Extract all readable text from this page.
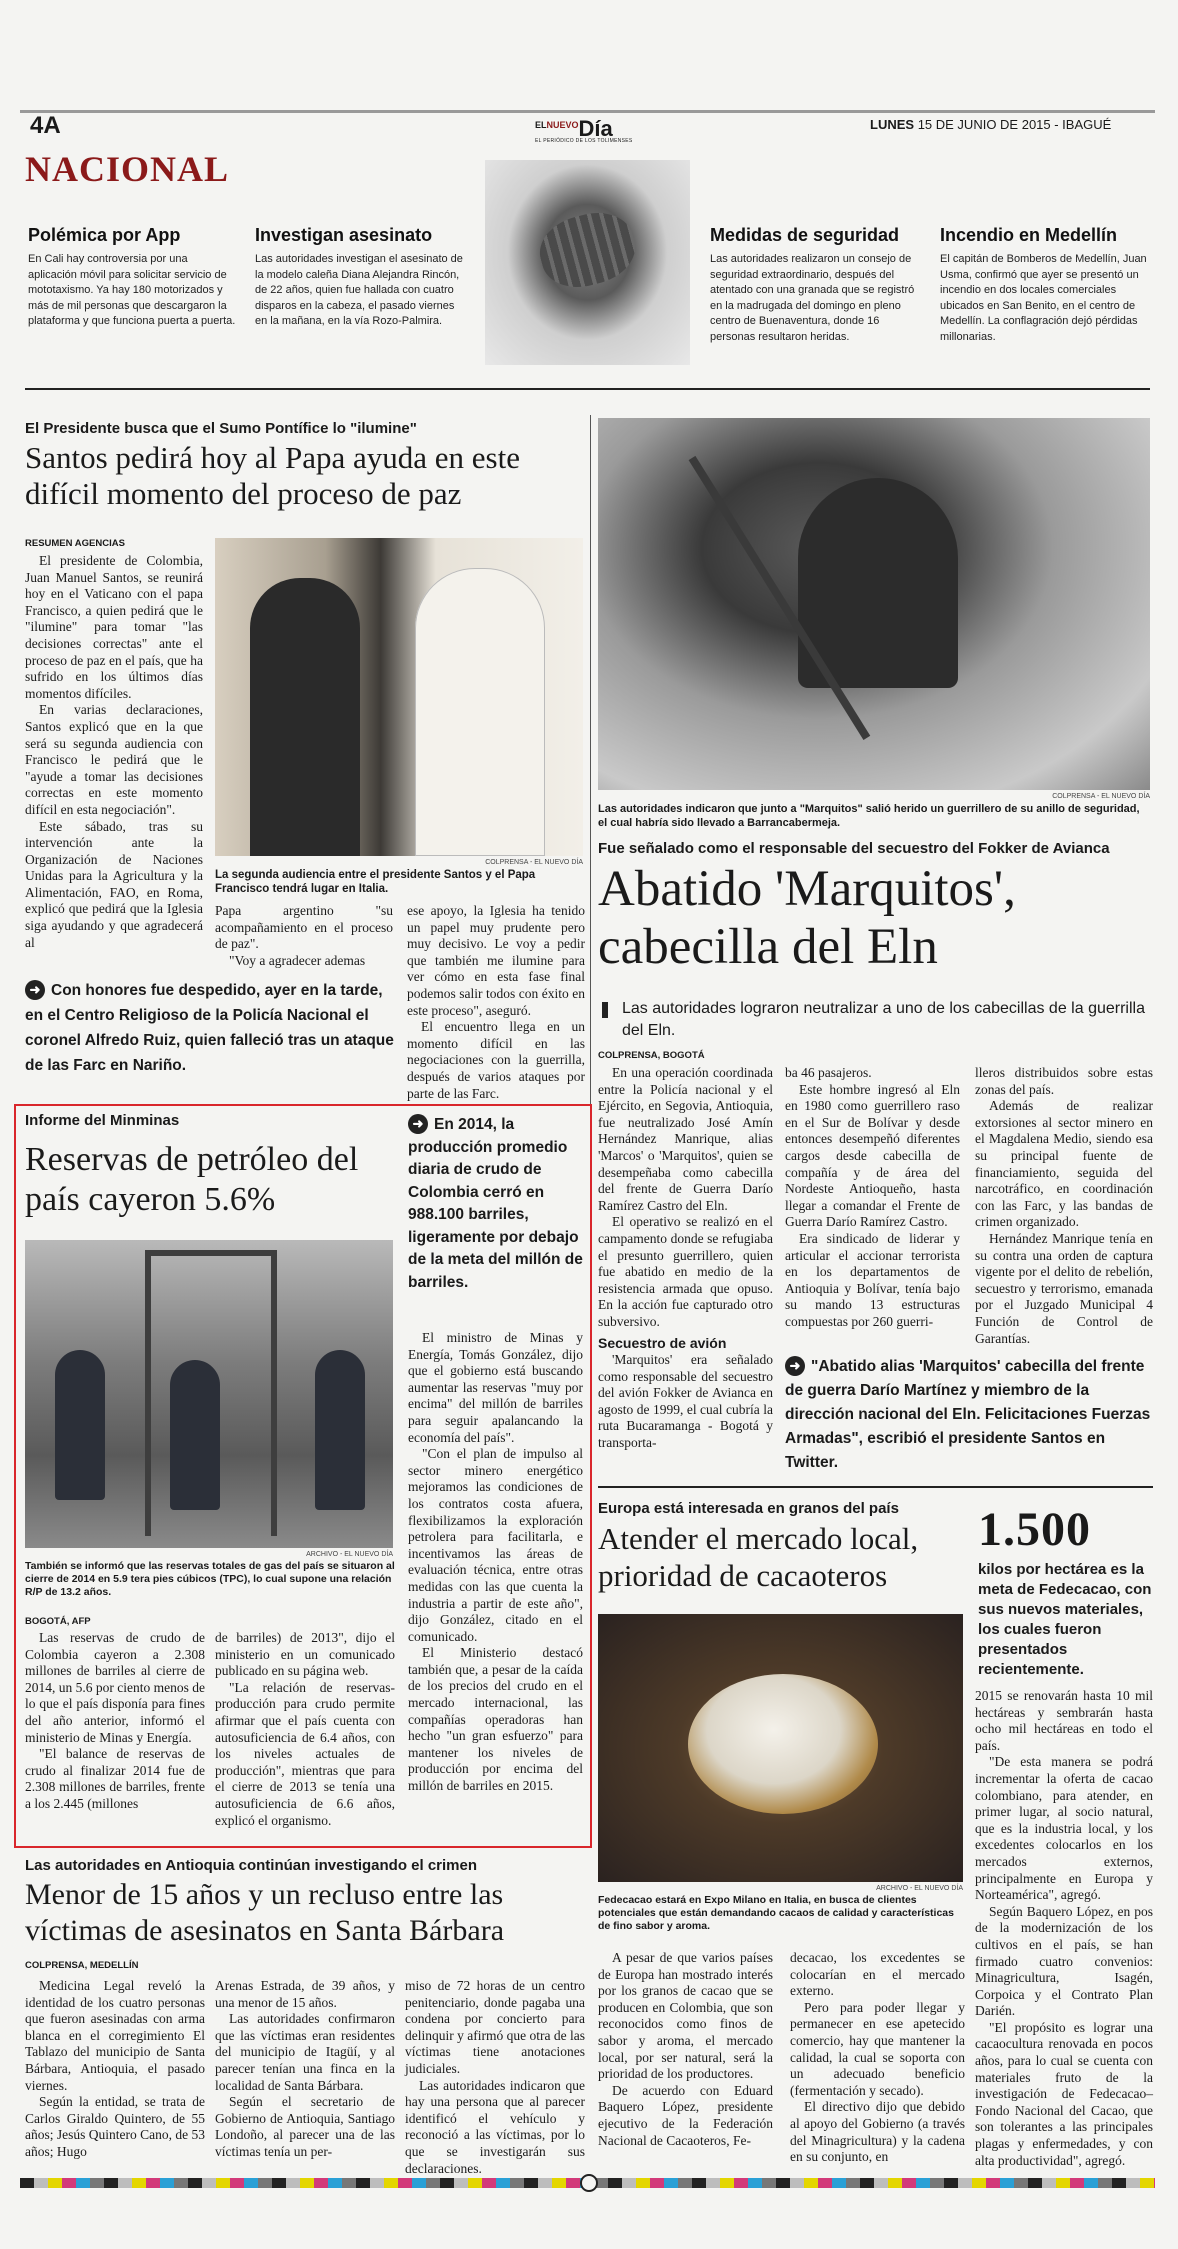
4A	$^{ELNUEVO}$Día
EL PERIÓDICO DE LOS TOLIMENSES
LUNES 15 DE JUNIO DE 2015 - IBAGUÉ
NACIONAL
Polémica por App
En Cali hay controversia por una aplicación móvil para solicitar servicio de mototaxismo. Ya hay 180 motorizados y más de mil personas que descargaron la plataforma y que funciona puerta a puerta.
Investigan asesinato
Las autoridades investigan el asesinato de la modelo caleña Diana Alejandra Rincón, de 22 años, quien fue hallada con cuatro disparos en la cabeza, el pasado viernes en la mañana, en la vía Rozo-Palmira.
Medidas de seguridad
Las autoridades realizaron un consejo de seguridad extraordinario, después del atentado con una granada que se registró en la madrugada del domingo en pleno centro de Buenaventura, donde 16 personas resultaron heridas.
Incendio en Medellín
El capitán de Bomberos de Medellín, Juan Usma, confirmó que ayer se presentó un incendio en dos locales comerciales ubicados en San Benito, en el centro de Medellín. La conflagración dejó pérdidas millonarias.
El Presidente busca que el Sumo Pontífice lo "ilumine"
Santos pedirá hoy al Papa ayuda en este difícil momento del proceso de paz
RESUMEN AGENCIAS

El presidente de Colombia, Juan Manuel Santos, se reunirá hoy en el Vaticano con el papa Francisco, a quien pedirá que le "ilumine" para tomar "las decisiones correctas" ante el proceso de paz en el país, que ha sufrido en los últimos días momentos difíciles.

En varias declaraciones, Santos explicó que en la que será su segunda audiencia con Francisco le pedirá que le "ayude a tomar las decisiones correctas en este momento difícil en esta negociación".

Este sábado, tras su intervención ante la Organización de Naciones Unidas para la Agricultura y la Alimentación, FAO, en Roma, explicó que pedirá que la Iglesia siga ayudando y que agradecerá al

COLPRENSA - EL NUEVO DÍA
La segunda audiencia entre el presidente Santos y el Papa Francisco tendrá lugar en Italia.

Papa argentino "su acompañamiento en el proceso de paz".

"Voy a agradecer ademas

ese apoyo, la Iglesia ha tenido un papel muy prudente pero muy decisivo. Le voy a pedir que también me ilumine para ver cómo en esta fase final podemos salir todos con éxito en este proceso", aseguró.

El encuentro llega en un momento difícil en las negociaciones con la guerrilla, después de varios ataques por parte de las Farc.

➜ Con honores fue despedido, ayer en la tarde, en el Centro Religioso de la Policía Nacional el coronel Alfredo Ruiz, quien falleció tras un ataque de las Farc en Nariño.
COLPRENSA - EL NUEVO DÍA
Las autoridades indicaron que junto a "Marquitos" salió herido un guerrillero de su anillo de seguridad, el cual habría sido llevado a Barrancabermeja.
Fue señalado como el responsable del secuestro del Fokker de Avianca
Abatido 'Marquitos', cabecilla del Eln
Las autoridades lograron neutralizar a uno de los cabecillas de la guerrilla del Eln.
COLPRENSA, BOGOTÁ

En una operación coordinada entre la Policía nacional y el Ejército, en Segovia, Antioquia, fue neutralizado José Amín Hernández Manrique, alias 'Marcos' o 'Marquitos', quien se desempeñaba como cabecilla del frente de Guerra Darío Ramírez Castro del Eln.

El operativo se realizó en el campamento donde se refugiaba el presunto guerrillero, quien fue abatido en medio de la resistencia armada que opuso. En la acción fue capturado otro subversivo.

Secuestro de avión

'Marquitos' era señalado como responsable del secuestro del avión Fokker de Avianca en agosto de 1999, el cual cubría la ruta Bucaramanga - Bogotá y transporta-

ba 46 pasajeros.

Este hombre ingresó al Eln en 1980 como guerrillero raso en el Sur de Bolívar y desde entonces desempeñó diferentes cargos desde cabecilla de compañía y de área del Nordeste Antioqueño, hasta llegar a comandar el Frente de Guerra Darío Ramírez Castro.

Era sindicado de liderar y articular el accionar terrorista en los departamentos de Antioquia y Bolívar, tenía bajo su mando 13 estructuras compuestas por 260 guerri-

lleros distribuidos sobre estas zonas del país.

Además de realizar extorsiones al sector minero en el Magdalena Medio, siendo esa su principal fuente de financiamiento, seguida del narcotráfico, en coordinación con las Farc, y las bandas de crimen organizado.

Hernández Manrique tenía en su contra una orden de captura vigente por el delito de rebelión, secuestro y terrorismo, emanada por el Juzgado Municipal 4 Función de Control de Garantías.

➜ "Abatido alias 'Marquitos' cabecilla del frente de guerra Darío Martínez y miembro de la dirección nacional del Eln. Felicitaciones Fuerzas Armadas", escribió el presidente Santos en Twitter.
Informe del Minminas
Reservas de petróleo del país cayeron 5.6%
ARCHIVO - EL NUEVO DÍA
También se informó que las reservas totales de gas del país se situaron al cierre de 2014 en 5.9 tera pies cúbicos (TPC), lo cual supone una relación R/P de 13.2 años.
➜ En 2014, la producción promedio diaria de crudo de Colombia cerró en 988.100 barriles, ligeramente por debajo de la meta del millón de barriles.

El ministro de Minas y Energía, Tomás González, dijo que el gobierno está buscando aumentar las reservas "muy por encima" del millón de barriles para seguir apalancando la economía del país".

"Con el plan de impulso al sector minero energético mejoramos las condiciones de los contratos costa afuera, flexibilizamos la exploración petrolera para facilitarla, e incentivamos las áreas de evaluación técnica, entre otras medidas con las que cuenta la industria a partir de este año", dijo González, citado en el comunicado.

El Ministerio destacó también que, a pesar de la caída de los precios del crudo en el mercado internacional, las compañías operadoras han hecho "un gran esfuerzo" para mantener los niveles de producción por encima del millón de barriles en 2015.

BOGOTÁ, AFP

Las reservas de crudo de Colombia cayeron a 2.308 millones de barriles al cierre de 2014, un 5.6 por ciento menos de lo que el país disponía para fines del año anterior, informó el ministerio de Minas y Energía.

"El balance de reservas de crudo al finalizar 2014 fue de 2.308 millones de barriles, frente a los 2.445 (millones

de barriles) de 2013", dijo el ministerio en un comunicado publicado en su página web.

"La relación de reservas-producción para crudo permite afirmar que el país cuenta con autosuficiencia de 6.4 años, con los niveles actuales de producción", mientras que para el cierre de 2013 se tenía una autosuficiencia de 6.6 años, explicó el organismo.

Europa está interesada en granos del país
Atender el mercado local, prioridad de cacaoteros
1.500
kilos por hectárea es la meta de Fedecacao, con sus nuevos materiales, los cuales fueron presentados recientemente.
ARCHIVO - EL NUEVO DÍA
Fedecacao estará en Expo Milano en Italia, en busca de clientes potenciales que están demandando cacaos de calidad y características de fino sabor y aroma.

2015 se renovarán hasta 10 mil hectáreas y sembrarán hasta ocho mil hectáreas en todo el país.

"De esta manera se podrá incrementar la oferta de cacao colombiano, para atender, en primer lugar, al socio natural, que es la industria local, y los excedentes colocarlos en los mercados externos, principalmente en Europa y Norteamérica", agregó.

Según Baquero López, en pos de la modernización de los cultivos en el país, se han firmado cuatro convenios: Minagricultura, Isagén, Corpoica y el Contrato Plan Darién.

"El propósito es lograr una cacaocultura renovada en pocos años, para lo cual se cuenta con materiales fruto de la investigación de Fedecacao–Fondo Nacional del Cacao, que son tolerantes a las principales plagas y enfermedades, y con alta productividad", agregó.

A pesar de que varios países de Europa han mostrado interés por los granos de cacao que se producen en Colombia, que son reconocidos como finos de sabor y aroma, el mercado local, por ser natural, será la prioridad de los productores.

De acuerdo con Eduard Baquero López, presidente ejecutivo de la Federación Nacional de Cacaoteros, Fe-

decacao, los excedentes se colocarían en el mercado externo.

Pero para poder llegar y permanecer en ese apetecido comercio, hay que mantener la calidad, la cual se soporta con un adecuado beneficio (fermentación y secado).

El directivo dijo que debido al apoyo del Gobierno (a través del Minagricultura) y la cadena en su conjunto, en

Las autoridades en Antioquia continúan investigando el crimen
Menor de 15 años y un recluso entre las víctimas de asesinatos en Santa Bárbara
COLPRENSA, MEDELLÍN

Medicina Legal reveló la identidad de los cuatro personas que fueron asesinadas con arma blanca en el corregimiento El Tablazo del municipio de Santa Bárbara, Antioquia, el pasado viernes.

Según la entidad, se trata de Carlos Giraldo Quintero, de 55 años; Jesús Quintero Cano, de 53 años; Hugo

Arenas Estrada, de 39 años, y una menor de 15 años.

Las autoridades confirmaron que las víctimas eran residentes del municipio de Itagüí, y al parecer tenían una finca en la localidad de Santa Bárbara.

Según el secretario de Gobierno de Antioquia, Santiago Londoño, al parecer una de las víctimas tenía un per-

miso de 72 horas de un centro penitenciario, donde pagaba una condena por concierto para delinquir y afirmó que otra de las víctimas tiene anotaciones judiciales.

Las autoridades indicaron que hay una persona que al parecer identificó el vehículo y reconoció a las víctimas, por lo que se investigarán sus declaraciones.
